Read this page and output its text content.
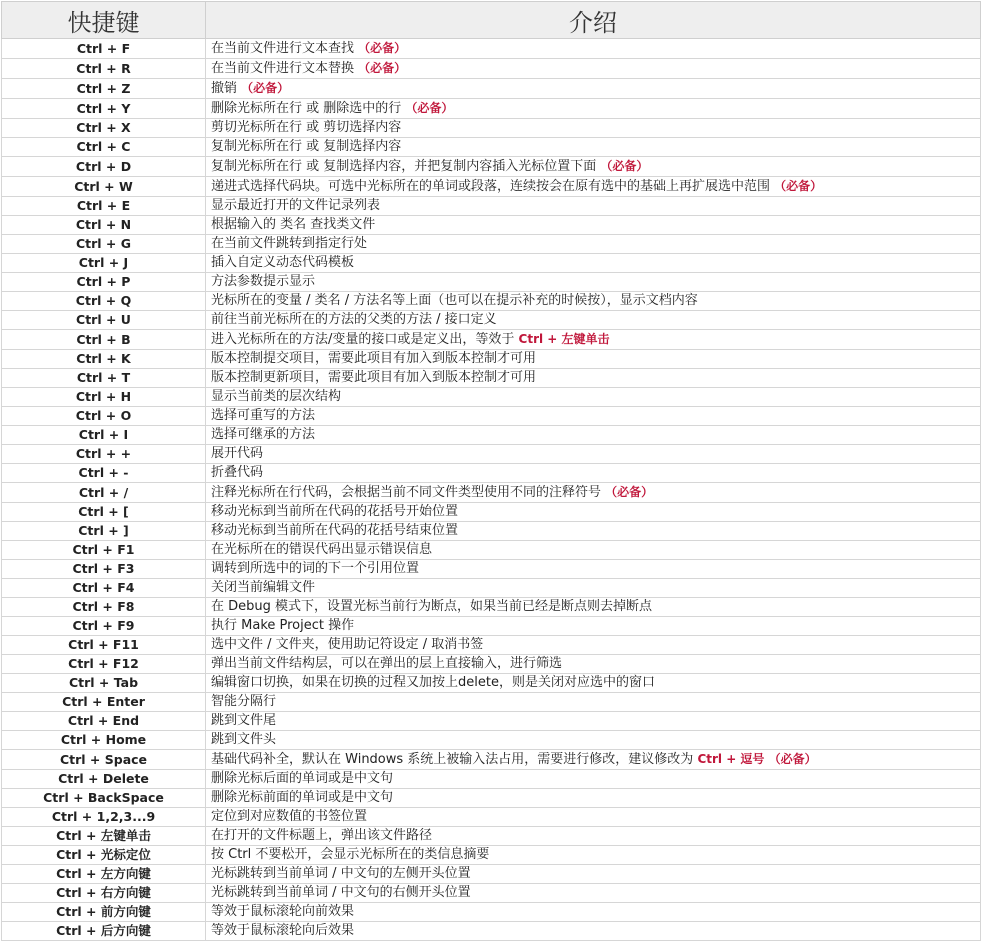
快捷键	介绍
Ctrl + F	在当前文件进行文本查找 （必备）
Ctrl + R	在当前文件进行文本替换 （必备）
Ctrl + Z	撤销 （必备）
Ctrl + Y	删除光标所在行 或 删除选中的行 （必备）
Ctrl + X	剪切光标所在行 或 剪切选择内容
Ctrl + C	复制光标所在行 或 复制选择内容
Ctrl + D	复制光标所在行 或 复制选择内容，并把复制内容插入光标位置下面 （必备）
Ctrl + W	递进式选择代码块。可选中光标所在的单词或段落，连续按会在原有选中的基础上再扩展选中范围 （必备）
Ctrl + E	显示最近打开的文件记录列表
Ctrl + N	根据输入的 类名 查找类文件
Ctrl + G	在当前文件跳转到指定行处
Ctrl + J	插入自定义动态代码模板
Ctrl + P	方法参数提示显示
Ctrl + Q	光标所在的变量 / 类名 / 方法名等上面（也可以在提示补充的时候按），显示文档内容
Ctrl + U	前往当前光标所在的方法的父类的方法 / 接口定义
Ctrl + B	进入光标所在的方法/变量的接口或是定义出，等效于 Ctrl + 左键单击
Ctrl + K	版本控制提交项目，需要此项目有加入到版本控制才可用
Ctrl + T	版本控制更新项目，需要此项目有加入到版本控制才可用
Ctrl + H	显示当前类的层次结构
Ctrl + O	选择可重写的方法
Ctrl + I	选择可继承的方法
Ctrl + +	展开代码
Ctrl + -	折叠代码
Ctrl + /	注释光标所在行代码，会根据当前不同文件类型使用不同的注释符号 （必备）
Ctrl + [	移动光标到当前所在代码的花括号开始位置
Ctrl + ]	移动光标到当前所在代码的花括号结束位置
Ctrl + F1	在光标所在的错误代码出显示错误信息
Ctrl + F3	调转到所选中的词的下一个引用位置
Ctrl + F4	关闭当前编辑文件
Ctrl + F8	在 Debug 模式下，设置光标当前行为断点，如果当前已经是断点则去掉断点
Ctrl + F9	执行 Make Project 操作
Ctrl + F11	选中文件 / 文件夹，使用助记符设定 / 取消书签
Ctrl + F12	弹出当前文件结构层，可以在弹出的层上直接输入，进行筛选
Ctrl + Tab	编辑窗口切换，如果在切换的过程又加按上delete，则是关闭对应选中的窗口
Ctrl + Enter	智能分隔行
Ctrl + End	跳到文件尾
Ctrl + Home	跳到文件头
Ctrl + Space	基础代码补全，默认在 Windows 系统上被输入法占用，需要进行修改，建议修改为 Ctrl + 逗号 （必备）
Ctrl + Delete	删除光标后面的单词或是中文句
Ctrl + BackSpace	删除光标前面的单词或是中文句
Ctrl + 1,2,3...9	定位到对应数值的书签位置
Ctrl + 左键单击	在打开的文件标题上，弹出该文件路径
Ctrl + 光标定位	按 Ctrl 不要松开，会显示光标所在的类信息摘要
Ctrl + 左方向键	光标跳转到当前单词 / 中文句的左侧开头位置
Ctrl + 右方向键	光标跳转到当前单词 / 中文句的右侧开头位置
Ctrl + 前方向键	等效于鼠标滚轮向前效果
Ctrl + 后方向键	等效于鼠标滚轮向后效果
